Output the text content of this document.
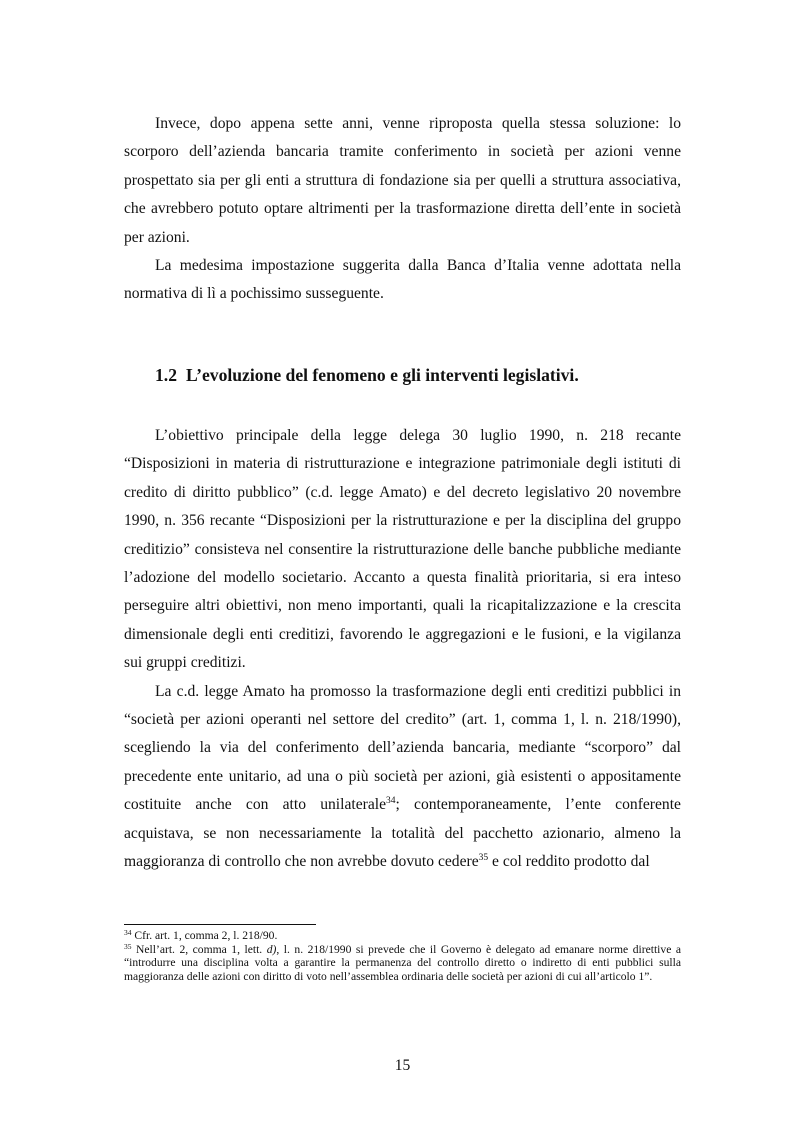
Invece, dopo appena sette anni, venne riproposta quella stessa soluzione: lo scorporo dell’azienda bancaria tramite conferimento in società per azioni venne prospettato sia per gli enti a struttura di fondazione sia per quelli a struttura associativa, che avrebbero potuto optare altrimenti per la trasformazione diretta dell’ente in società per azioni.

La medesima impostazione suggerita dalla Banca d’Italia venne adottata nella normativa di lì a pochissimo susseguente.

1.2 L’evoluzione del fenomeno e gli interventi legislativi.

L’obiettivo principale della legge delega 30 luglio 1990, n. 218 recante “Disposizioni in materia di ristrutturazione e integrazione patrimoniale degli istituti di credito di diritto pubblico” (c.d. legge Amato) e del decreto legislativo 20 novembre 1990, n. 356 recante “Disposizioni per la ristrutturazione e per la disciplina del gruppo creditizio” consisteva nel consentire la ristrutturazione delle banche pubbliche mediante l’adozione del modello societario. Accanto a questa finalità prioritaria, si era inteso perseguire altri obiettivi, non meno importanti, quali la ricapitalizzazione e la crescita dimensionale degli enti creditizi, favorendo le aggregazioni e le fusioni, e la vigilanza sui gruppi creditizi.

La c.d. legge Amato ha promosso la trasformazione degli enti creditizi pubblici in “società per azioni operanti nel settore del credito” (art. 1, comma 1, l. n. 218/1990), scegliendo la via del conferimento dell’azienda bancaria, mediante “scorporo” dal precedente ente unitario, ad una o più società per azioni, già esistenti o appositamente costituite anche con atto unilaterale$^{34}$; contemporaneamente, l’ente conferente acquistava, se non necessariamente la totalità del pacchetto azionario, almeno la maggioranza di controllo che non avrebbe dovuto cedere$^{35}$ e col reddito prodotto dal

$^{34}$ Cfr. art. 1, comma 2, l. 218/90.

$^{35}$ Nell’art. 2, comma 1, lett. d), l. n. 218/1990 si prevede che il Governo è delegato ad emanare norme direttive a “introdurre una disciplina volta a garantire la permanenza del controllo diretto o indiretto di enti pubblici sulla maggioranza delle azioni con diritto di voto nell’assemblea ordinaria delle società per azioni di cui all’articolo 1”.

15
